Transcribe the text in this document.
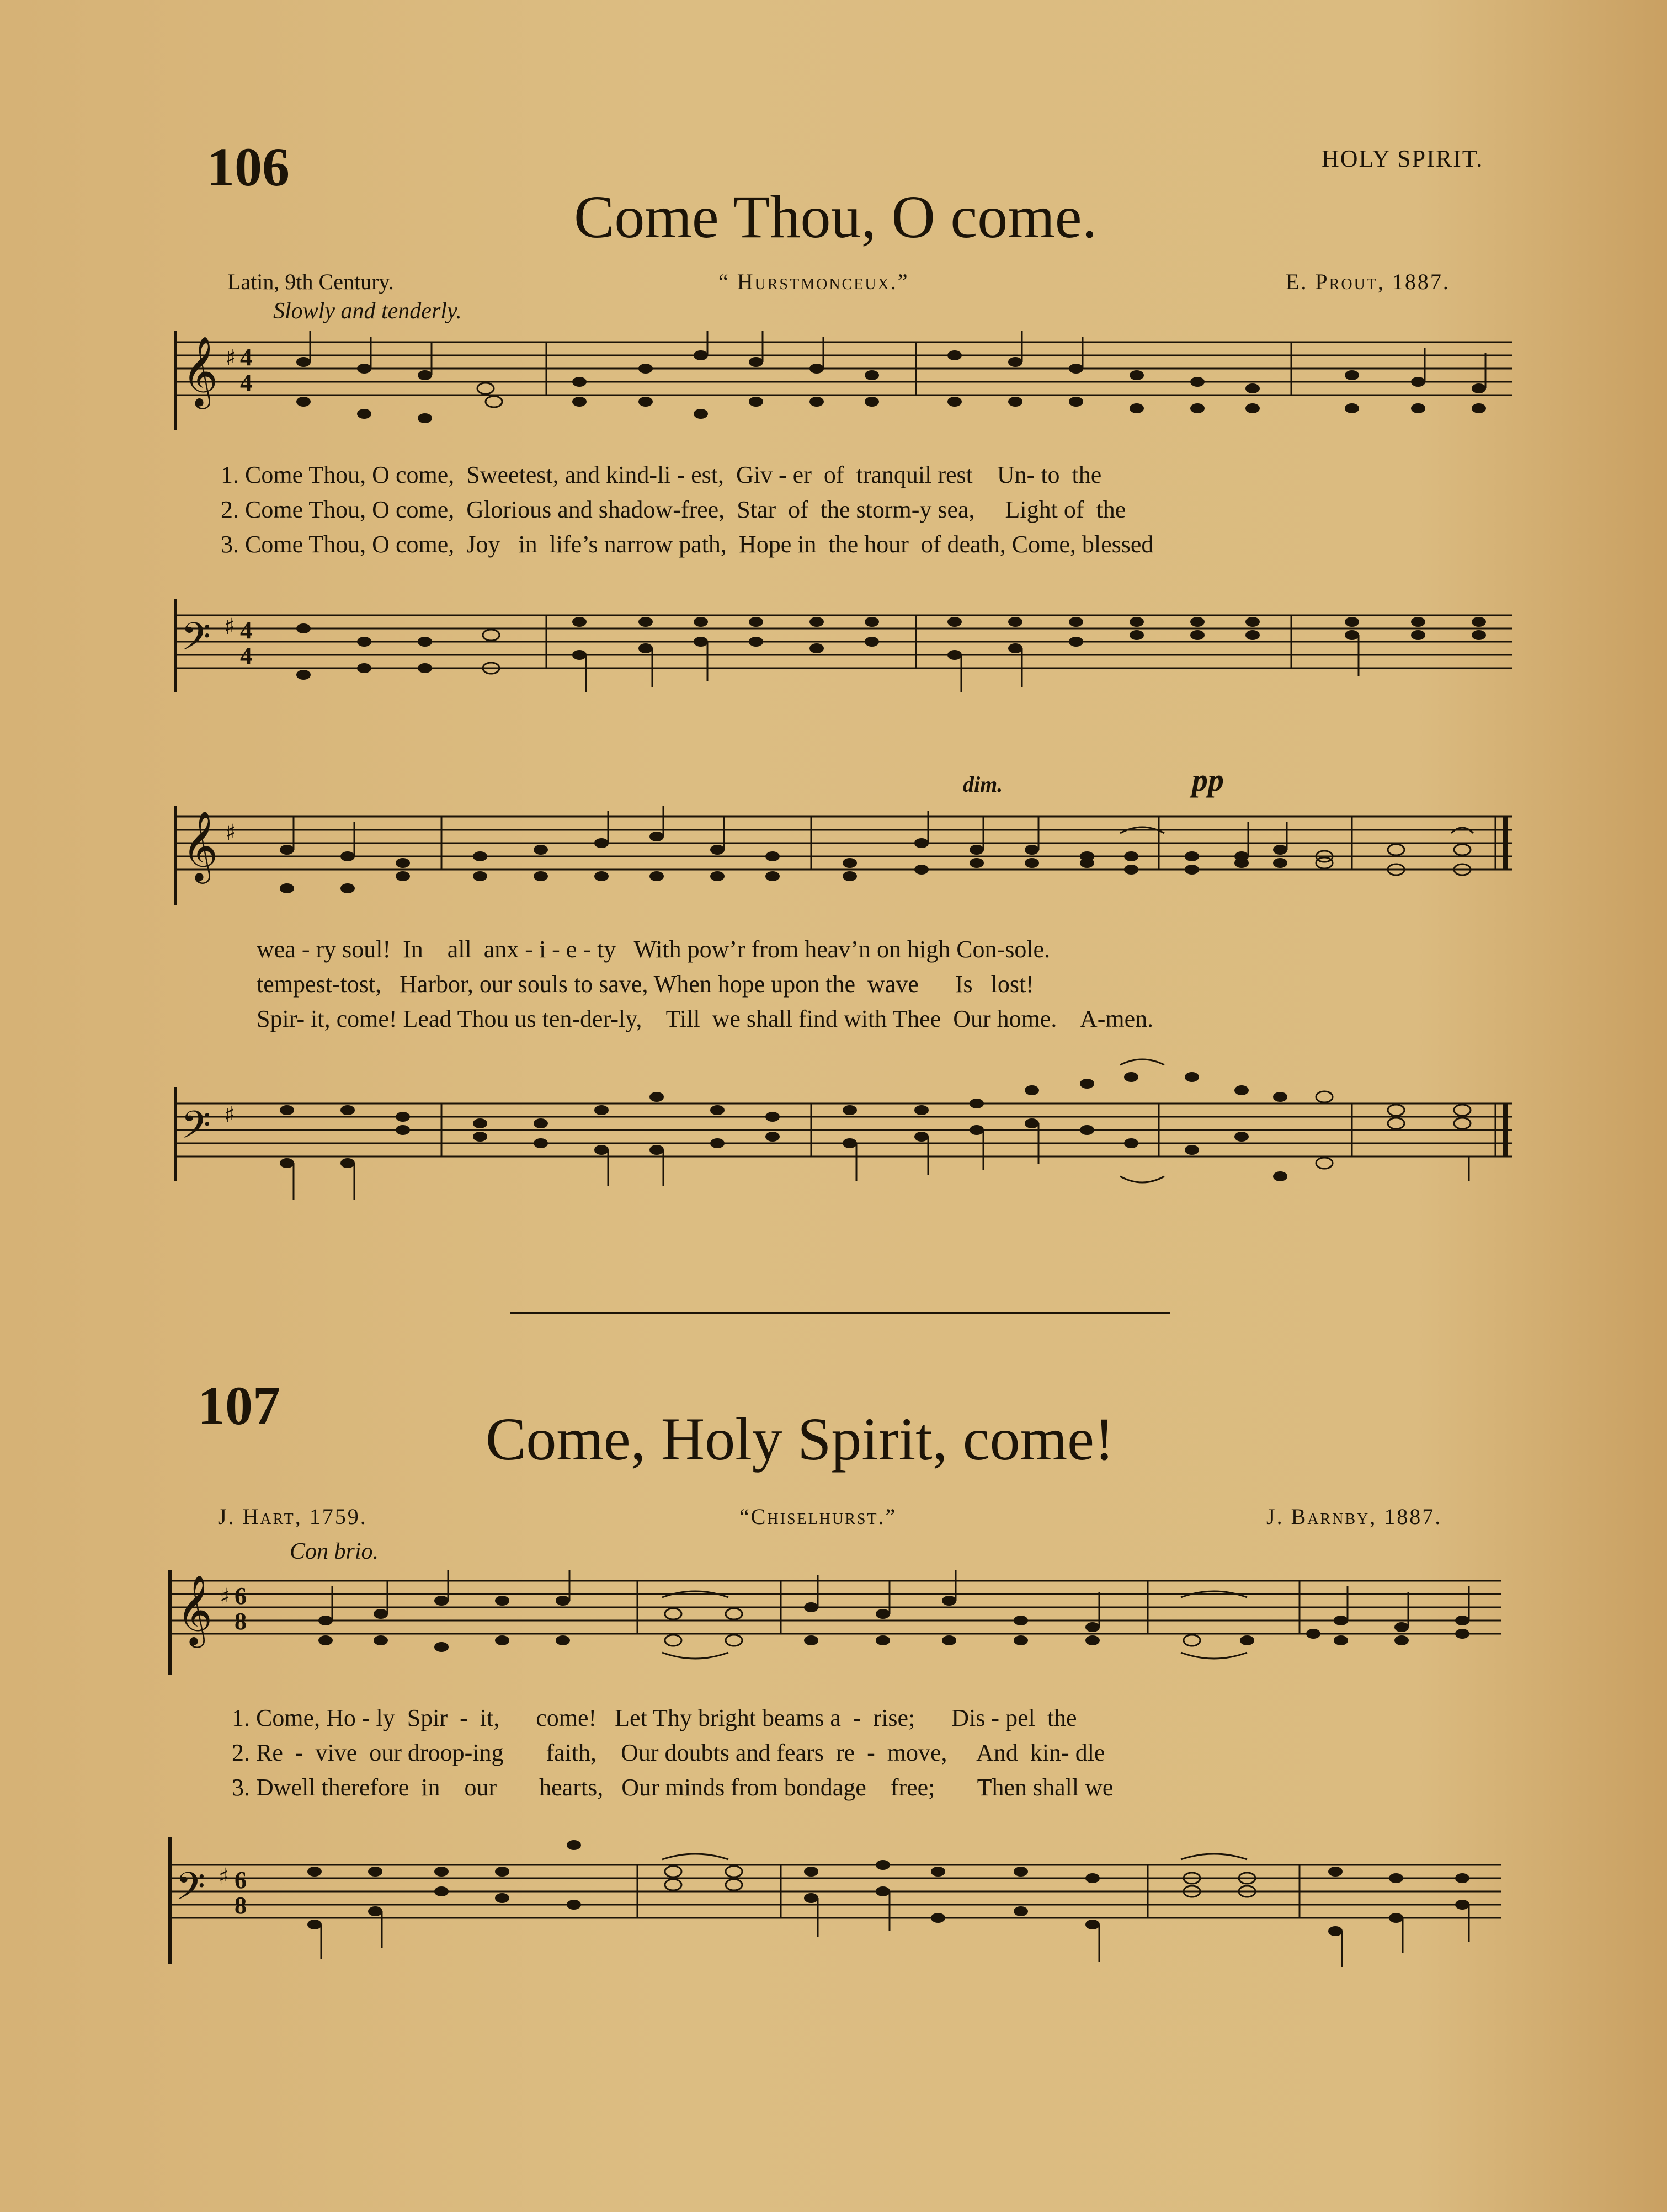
106	HOLY SPIRIT.
Come Thou, O come.
Latin, 9th Century.	“ Hurstmonceux.”	E. Prout, 1887.
Slowly and tenderly.
𝄞 ♯ 4
4
1. Come Thou, O come,  Sweetest, and kind-li - est,  Giv - er  of  tranquil rest    Un- to  the
2. Come Thou, O come,  Glorious and shadow-free,  Star  of  the storm-y sea,     Light of  the
3. Come Thou, O come,  Joy   in  life’s narrow path,  Hope in  the hour  of death, Come, blessed
𝄢 ♯ 4
4
dim.	pp
𝄞 ♯
wea - ry soul!  In    all  anx - i - e - ty   With pow’r from heav’n on high Con-sole.
tempest-tost,   Harbor, our souls to save, When hope upon the  wave      Is   lost!
Spir- it, come! Lead Thou us ten-der-ly,    Till  we shall find with Thee  Our home.    A-men.
𝄢 ♯
107	Come, Holy Spirit, come!
J. Hart, 1759.	“Chiselhurst.”	J. Barnby, 1887.
Con brio.
𝄞 ♯ 6
8
1. Come, Ho - ly  Spir  -  it,      come!   Let Thy bright beams a  -  rise;      Dis - pel  the
2. Re  -  vive  our droop-ing       faith,    Our doubts and fears  re  -  move,     And  kin- dle
3. Dwell therefore  in    our       hearts,   Our minds from bondage    free;       Then shall we
𝄢 ♯ 6
8
